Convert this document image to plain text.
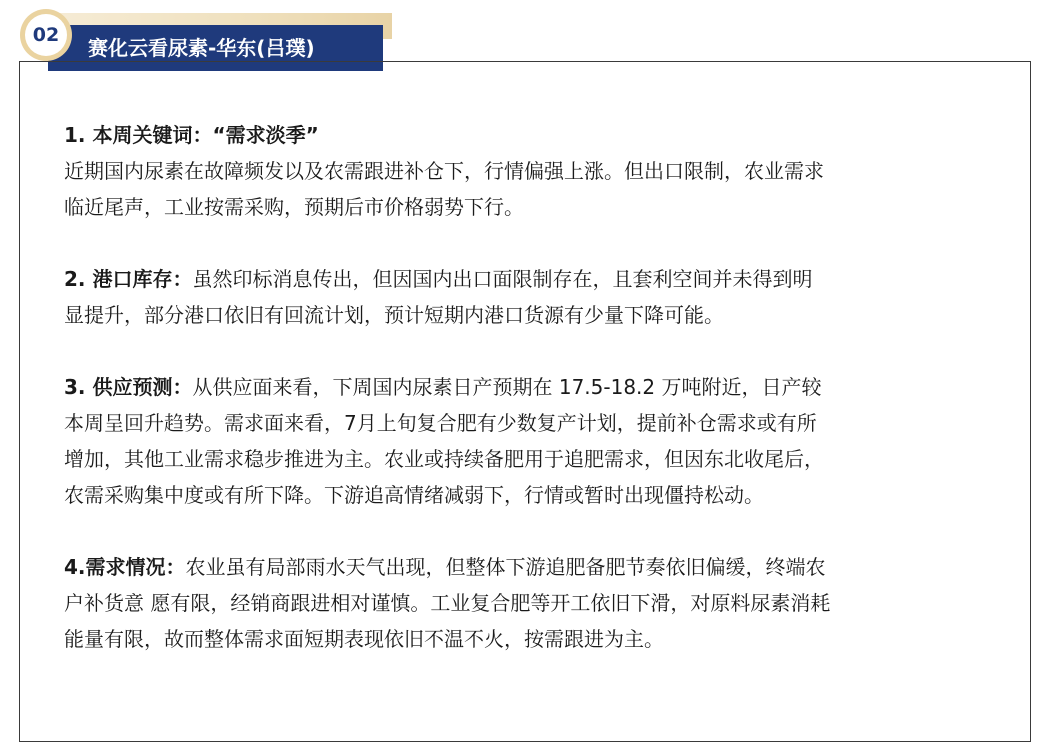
02
赛化云看尿素-华东(吕璞)
1. 本周关键词：“需求淡季”
近期国内尿素在故障频发以及农需跟进补仓下，行情偏强上涨。但出口限制，农业需求
临近尾声，工业按需采购，预期后市价格弱势下行。
2. 港口库存：虽然印标消息传出，但因国内出口面限制存在，且套利空间并未得到明
显提升，部分港口依旧有回流计划，预计短期内港口货源有少量下降可能。
3. 供应预测：从供应面来看，下周国内尿素日产预期在 17.5-18.2 万吨附近，日产较
本周呈回升趋势。需求面来看，7月上旬复合肥有少数复产计划，提前补仓需求或有所
增加，其他工业需求稳步推进为主。农业或持续备肥用于追肥需求，但因东北收尾后，
农需采购集中度或有所下降。下游追高情绪减弱下，行情或暂时出现僵持松动。
4.需求情况：农业虽有局部雨水天气出现，但整体下游追肥备肥节奏依旧偏缓，终端农
户补货意 愿有限，经销商跟进相对谨慎。工业复合肥等开工依旧下滑，对原料尿素消耗
能量有限，故而整体需求面短期表现依旧不温不火，按需跟进为主。
